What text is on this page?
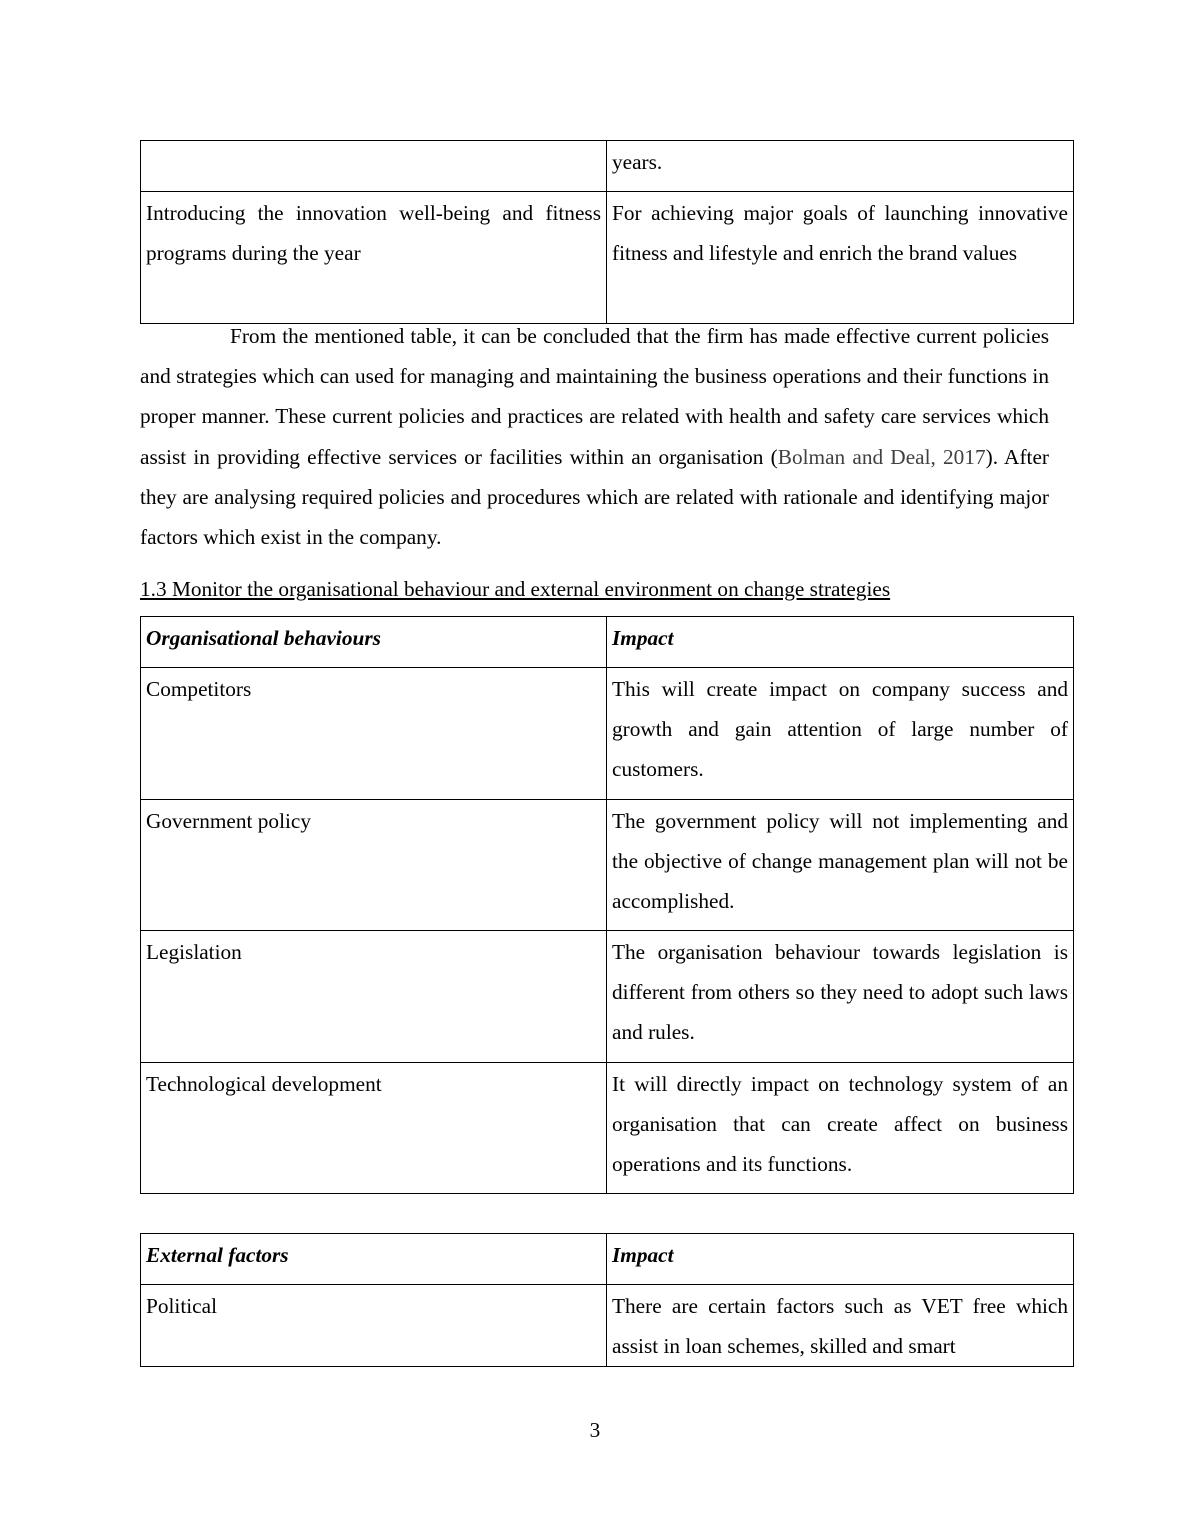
	years.
Introducing the innovation well-being and fitness programs during the year	For achieving major goals of launching innovative fitness and lifestyle and enrich the brand values

From the mentioned table, it can be concluded that the firm has made effective current policies and strategies which can used for managing and maintaining the business operations and their functions in proper manner. These current policies and practices are related with health and safety care services which assist in providing effective services or facilities within an organisation (Bolman and Deal, 2017). After they are analysing required policies and procedures which are related with rationale and identifying major factors which exist in the company.

1.3 Monitor the organisational behaviour and external environment on change strategies
Organisational behaviours	Impact
Competitors	This will create impact on company success and growth and gain attention of large number of customers.
Government policy	The government policy will not implementing and the objective of change management plan will not be accomplished.
Legislation	The organisation behaviour towards legislation is different from others so they need to adopt such laws and rules.
Technological development	It will directly impact on technology system of an organisation that can create affect on business operations and its functions.
External factors	Impact
Political	There are certain factors such as VET free which assist in loan schemes, skilled and smart
3
